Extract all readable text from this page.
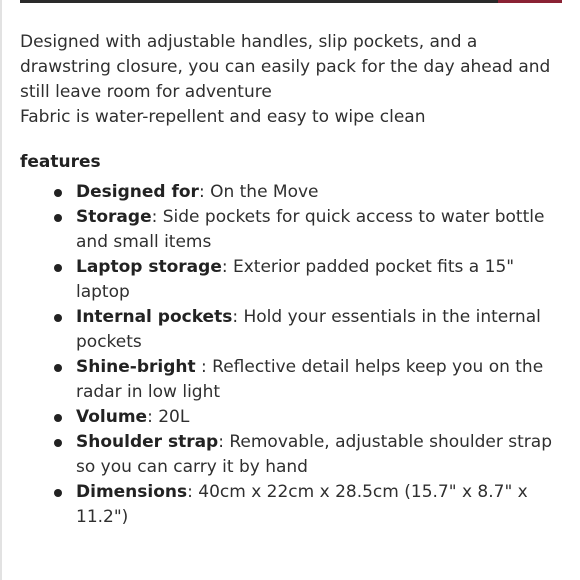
Designed with adjustable handles, slip pockets, and a drawstring closure, you can easily pack for the day ahead and still leave room for adventure

Fabric is water-repellent and easy to wipe clean

features
Designed for: On the Move
Storage: Side pockets for quick access to water bottle and small items
Laptop storage: Exterior padded pocket fits a 15" laptop
Internal pockets: Hold your essentials in the internal pockets
Shine-bright : Reflective detail helps keep you on the radar in low light
Volume: 20L
Shoulder strap: Removable, adjustable shoulder strap so you can carry it by hand
Dimensions: 40cm x 22cm x 28.5cm (15.7" x 8.7" x 11.2")
